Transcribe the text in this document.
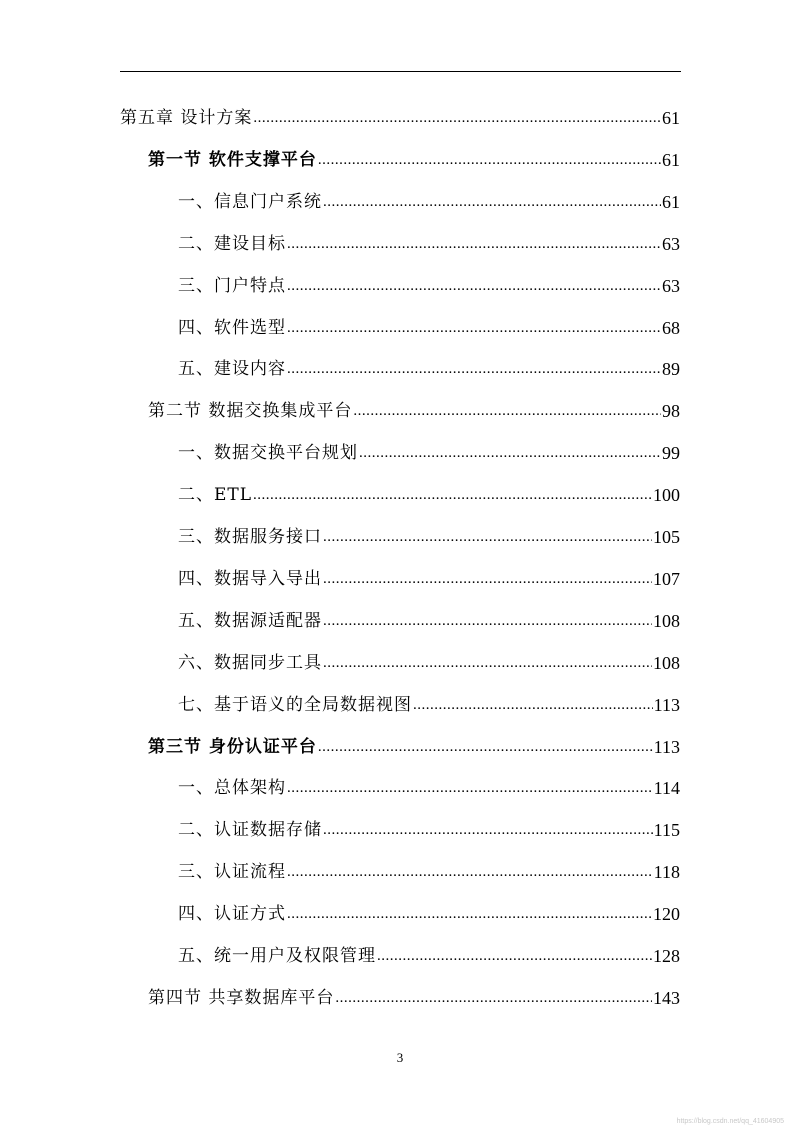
第五章 设计方案 .....	61
第一节 软件支撑平台 .....	61
一、信息门户系统 .....	61
二、建设目标 .....	63
三、门户特点 .....	63
四、软件选型 .....	68
五、建设内容 .....	89
第二节 数据交换集成平台 .....	98
一、数据交换平台规划 .....	99
二、ETL .....	100
三、数据服务接口 .....	105
四、数据导入导出 .....	107
五、数据源适配器 .....	108
六、数据同步工具 .....	108
七、基于语义的全局数据视图 .....	113
第三节 身份认证平台 .....	113
一、总体架构 .....	114
二、认证数据存储 .....	115
三、认证流程 .....	118
四、认证方式 .....	120
五、统一用户及权限管理 .....	128
第四节 共享数据库平台 .....	143
3
https://blog.csdn.net/qq_41604905
